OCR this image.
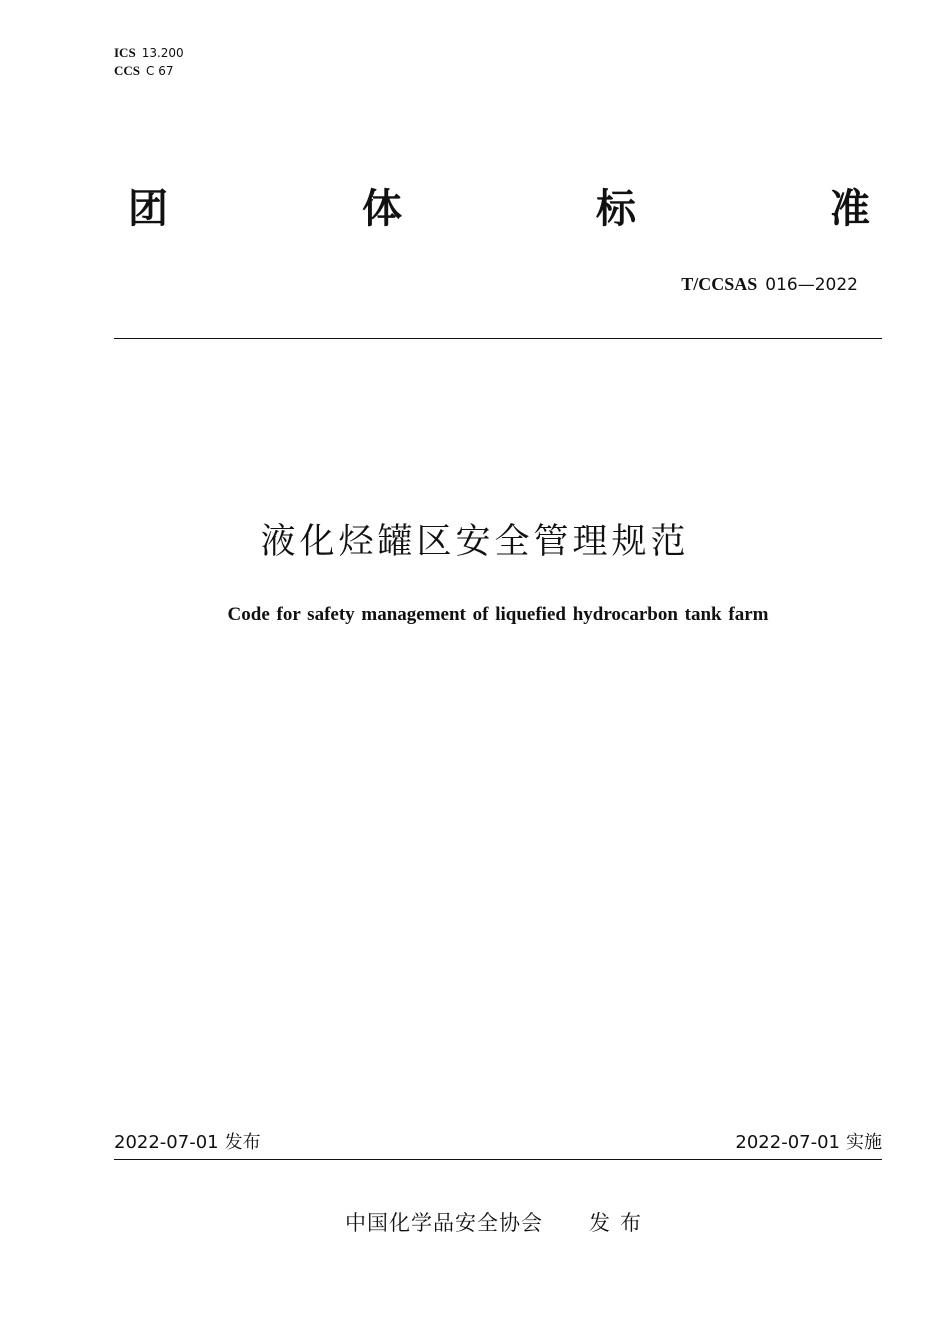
ICS 13.200
CCS C 67
团	体	标	准
T/CCSAS 016—2022
液化烃罐区安全管理规范
Code for safety management of liquefied hydrocarbon tank farm
2022-07-01 发布	2022-07-01 实施
中国化学品安全协会 发布
